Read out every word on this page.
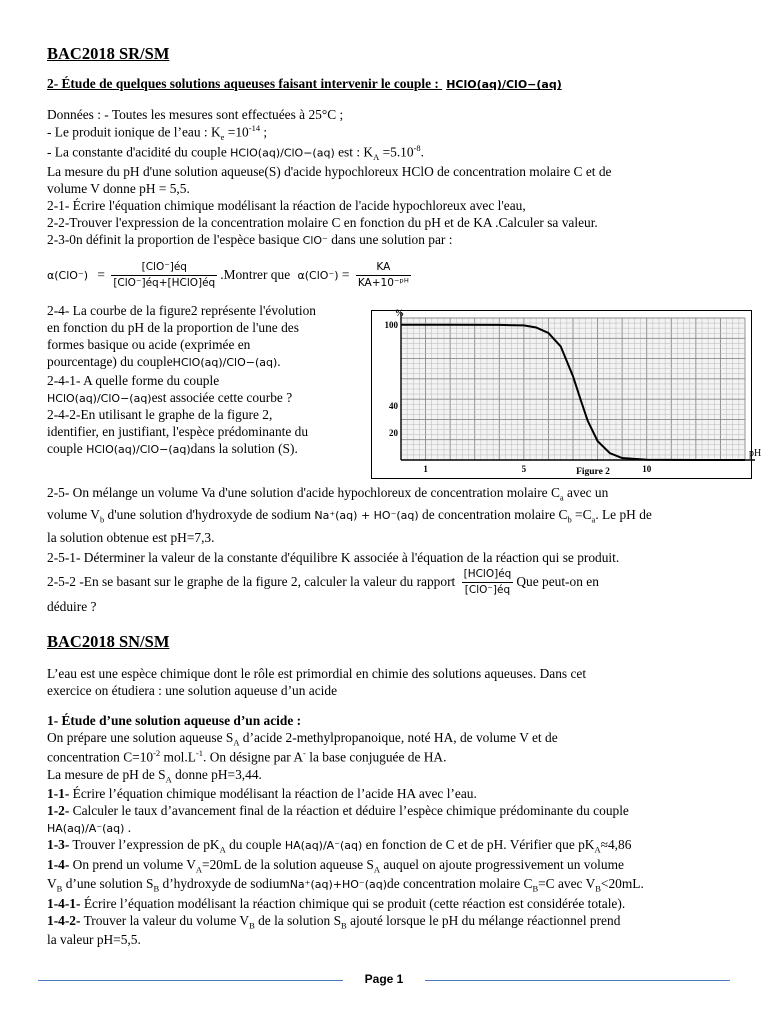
BAC2018 SR/SM
2- Étude de quelques solutions aqueuses faisant intervenir le couple : HClO(aq)/ClO−(aq)
Données : - Toutes les mesures sont effectuées à 25°C ;
- Le produit ionique de l’eau : $K_e =10^{-14}$ ;
- La constante d'acidité du couple HClO(aq)/ClO−(aq) est : $K_A =5.10^{-8}$.
La mesure du pH d'une solution aqueuse(S) d'acide hypochloreux HClO de concentration molaire C et de
volume V donne pH = 5,5.
2-1- Écrire l'équation chimique modélisant la réaction de l'acide hypochloreux avec l'eau,
2-2-Trouver l'expression de la concentration molaire C en fonction du pH et de KA .Calculer sa valeur.
2-3-0n définit la proportion de l'espèce basique ClO⁻ dans une solution par :
$\alpha(ClO^-) = \frac{\text{[ClO⁻]éq}}{\text{[ClO⁻]éq+[HClO]éq}}$ .Montrer que $\alpha(ClO^-) = \frac{KA}{\text{KA+10⁻ᵖᴴ}}$
2-4- La courbe de la figure2 représente l'évolution
en fonction du pH de la proportion de l'une des
formes basique ou acide (exprimée en
pourcentage) du coupleHClO(aq)/ClO−(aq).
2-4-1- A quelle forme du couple
HClO(aq)/ClO−(aq)est associée cette courbe ?
2-4-2-En utilisant le graphe de la figure 2,
identifier, en justifiant, l'espèce prédominante du
couple HClO(aq)/ClO−(aq)dans la solution (S).
2-5- On mélange un volume Va d'une solution d'acide hypochloreux de concentration molaire $C_a$ avec un
volume $V_b$ d'une solution d'hydroxyde de sodium Na⁺(aq) + HO⁻(aq) de concentration molaire $C_b =C_a$. Le pH de
la solution obtenue est pH=7,3.
2-5-1- Déterminer la valeur de la constante d'équilibre K associée à l'équation de la réaction qui se produit.
2-5-2 -En se basant sur le graphe de la figure 2, calculer la valeur du rapport $\frac{\text{[HClO]éq}}{\text{[ClO⁻]éq}}$ Que peut-on en
déduire ?
BAC2018 SN/SM
L’eau est une espèce chimique dont le rôle est primordial en chimie des solutions aqueuses. Dans cet
exercice on étudiera : une solution aqueuse d’un acide
1- Étude d’une solution aqueuse d’un acide :
On prépare une solution aqueuse $S_A$ d’acide 2-methylpropanoique, noté HA, de volume V et de
concentration $C=10^{-2}$ $mol.L^{-1}$. On désigne par A- la base conjuguée de HA.
La mesure de pH de $S_A$ donne pH=3,44.
1-1- Écrire l’équation chimique modélisant la réaction de l’acide HA avec l’eau.
1-2- Calculer le taux d’avancement final de la réaction et déduire l’espèce chimique prédominante du couple
HA(aq)/A⁻(aq) .
1-3- Trouver l’expression de $pK_A$ du couple HA(aq)/A⁻(aq) en fonction de C et de pH. Vérifier que $pK_A\approx 4,86$
1-4- On prend un volume $V_A=20mL$ de la solution aqueuse $S_A$ auquel on ajoute progressivement un volume
$V_B$ d’une solution $S_B$ d’hydroxyde de sodiumNa⁺(aq)+HO⁻(aq)de concentration molaire $C_B=C$ avec $V_B<20mL$.
1-4-1- Écrire l’équation modélisant la réaction chimique qui se produit (cette réaction est considérée totale).
1-4-2- Trouver la valeur du volume $V_B$ de la solution $S_B$ ajouté lorsque le pH du mélange réactionnel prend
la valeur pH=5,5.
1	5	10
20
40
100
%
pH
Figure 2
Page 1
